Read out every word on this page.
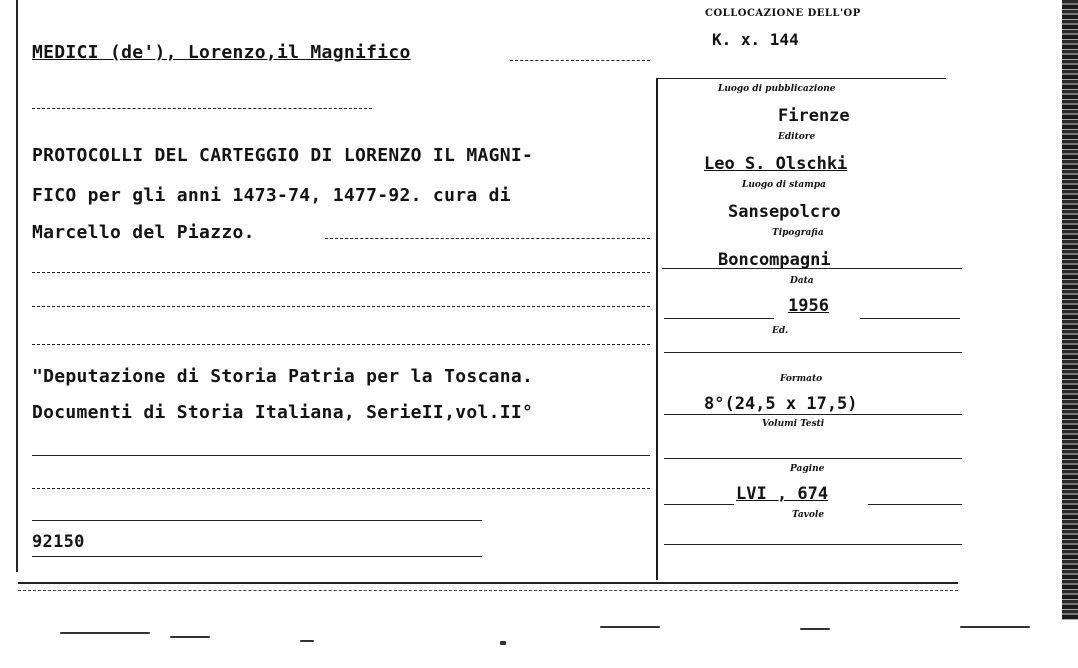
MEDICI (de'), Lorenzo,il Magnifico
PROTOCOLLI DEL CARTEGGIO DI LORENZO IL MAGNI-
FICO per gli anni 1473-74, 1477-92. cura di
Marcello del Piazzo.
"Deputazione di Storia Patria per la Toscana.
Documenti di Storia Italiana, SerieII,vol.II°
92150
COLLOCAZIONE DELL'OP
K. x. 144
Luogo di pubblicazione
Firenze
Editore
Leo S. Olschki
Luogo di stampa
Sansepolcro
Tipografia
Boncompagni
Data
1956
Ed.
Formato
8°(24,5 x 17,5)
Volumi Testi
Pagine
LVI , 674
Tavole
